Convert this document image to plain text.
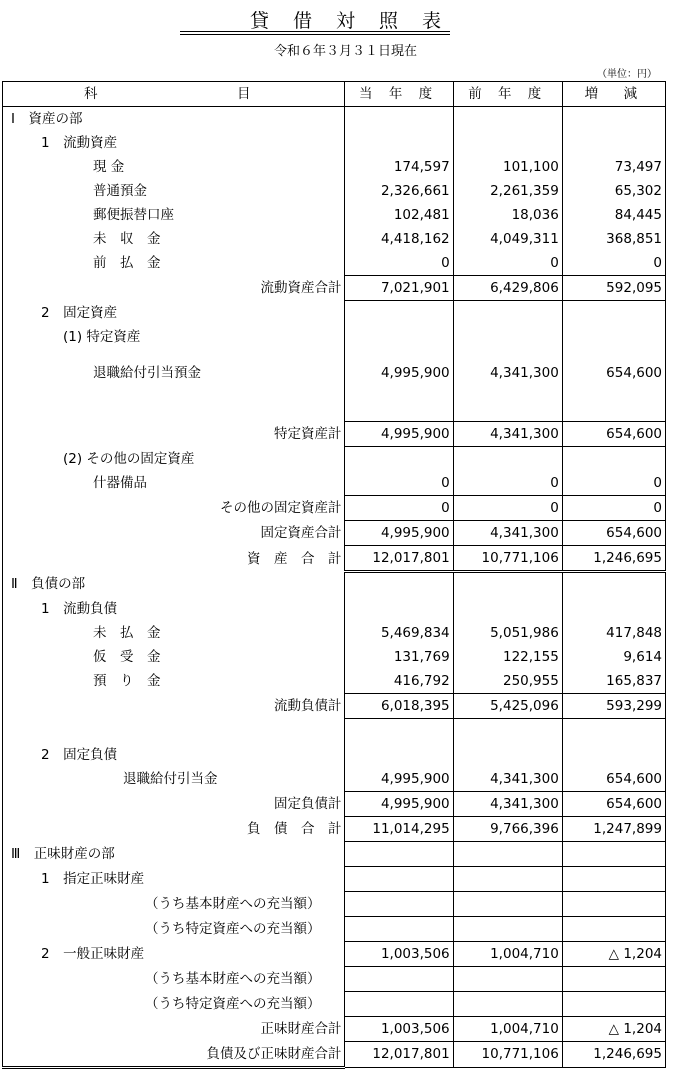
貸借対照表
令和６年３月３１日現在
（単位：円）
科　　　　　目	当 年 度	前 年 度	増　減

Ⅰ　資産の部			

1　流動資産			

現 金	174,597	101,100	73,497

普通預金	2,326,661	2,261,359	65,302

郵便振替口座	102,481	18,036	84,445

未　収　金	4,418,162	4,049,311	368,851

前　払　金	0	0	0

流動資産合計	7,021,901	6,429,806	592,095

2　固定資産			

(1) 特定資産			

退職給付引当預金	4,995,900	4,341,300	654,600

特定資産計	4,995,900	4,341,300	654,600

(2) その他の固定資産			

什器備品	0	0	0

その他の固定資産計	0	0	0

固定資産合計	4,995,900	4,341,300	654,600

資　産　合　計	12,017,801	10,771,106	1,246,695

Ⅱ　負債の部			

1　流動負債			

未　払　金	5,469,834	5,051,986	417,848

仮　受　金	131,769	122,155	9,614

預　り　金	416,792	250,955	165,837

流動負債計	6,018,395	5,425,096	593,299

2　固定負債			

退職給付引当金	4,995,900	4,341,300	654,600

固定負債計	4,995,900	4,341,300	654,600

負　債　合　計	11,014,295	9,766,396	1,247,899

Ⅲ　正味財産の部			

1　指定正味財産			

（うち基本財産への充当額）			

（うち特定資産への充当額）			

2　一般正味財産	1,003,506	1,004,710	△ 1,204

（うち基本財産への充当額）			

（うち特定資産への充当額）			

正味財産合計	1,003,506	1,004,710	△ 1,204

負債及び正味財産合計	12,017,801	10,771,106	1,246,695
